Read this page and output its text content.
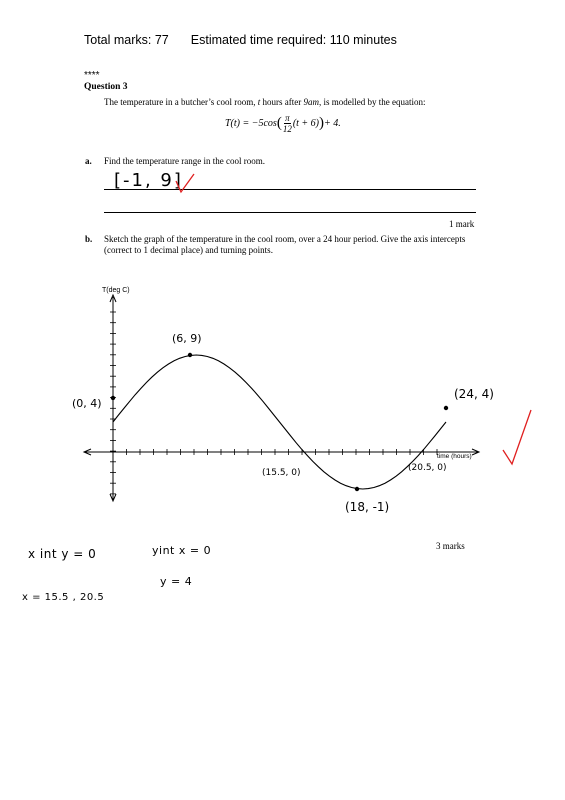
Total marks: 77 Estimated time required: 110 minutes
****
Question 3
The temperature in a butcher’s cool room, t hours after 9am, is modelled by the equation:
T(t) = −5cos ( $\frac{\pi}{12} (t + 6)$ ) + 4.
a. Find the temperature range in the cool room.
[-1, 9]
1 mark
b. Sketch the graph of the temperature in the cool room, over a 24 hour period. Give the axis intercepts (correct to 1 decimal place) and turning points.
T(deg C)
time (hours)
(0, 4)
(6, 9)
(15.5, 0)
(18, -1)
(20.5, 0)
(24, 4)
3 marks
x int y = 0	yint x = 0
y = 4
x = 15.5 , 20.5
